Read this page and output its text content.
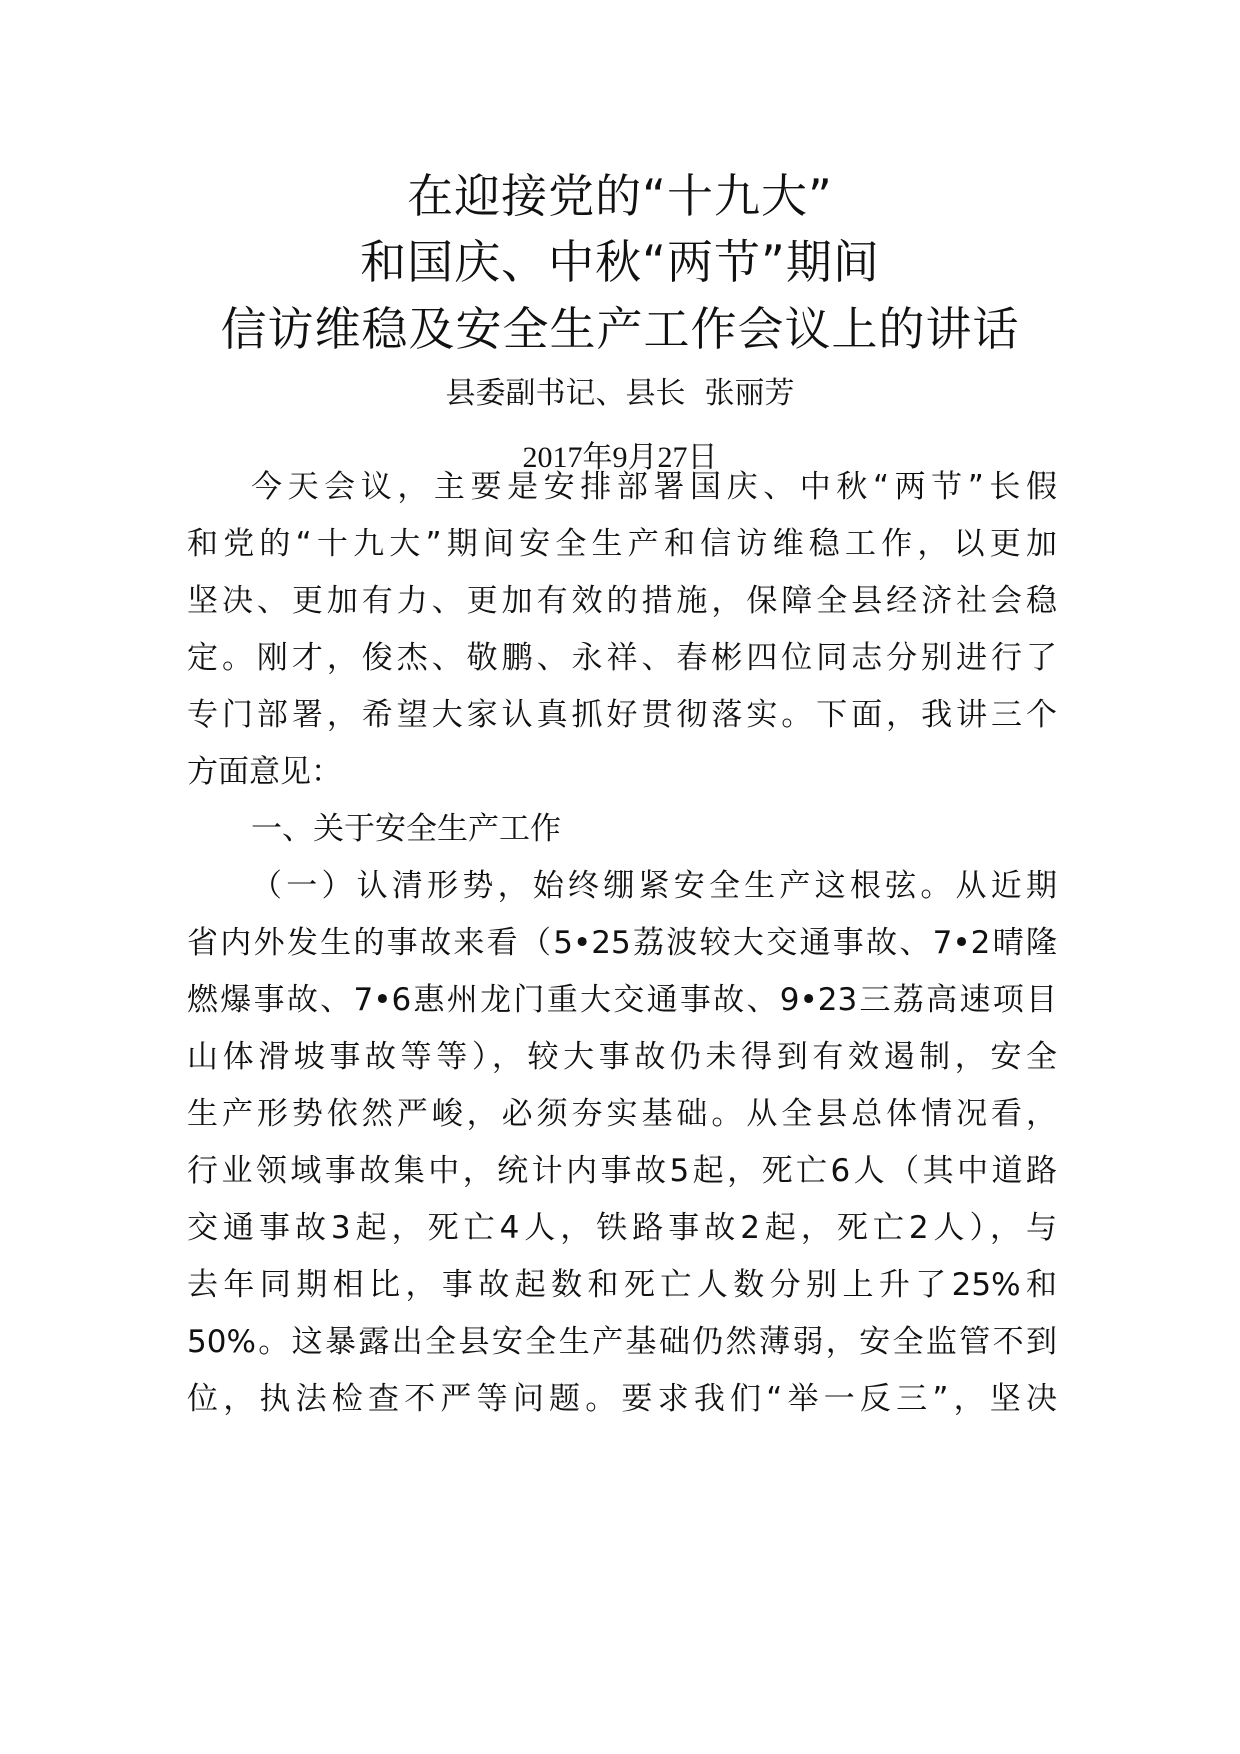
在迎接党的“十九大”
和国庆、中秋“两节”期间
信访维稳及安全生产工作会议上的讲话
县委副书记、县长  张丽芳
2017年9月27日
今天会议，主要是安排部署国庆、中秋“两节”长假
和党的“十九大”期间安全生产和信访维稳工作，以更加
坚决、更加有力、更加有效的措施，保障全县经济社会稳
定。刚才，俊杰、敬鹏、永祥、春彬四位同志分别进行了
专门部署，希望大家认真抓好贯彻落实。下面，我讲三个
方面意见：
一、关于安全生产工作
（一）认清形势，始终绷紧安全生产这根弦。从近期
省内外发生的事故来看（5•25荔波较大交通事故、7•2晴隆
燃爆事故、7•6惠州龙门重大交通事故、9•23三荔高速项目
山体滑坡事故等等），较大事故仍未得到有效遏制，安全
生产形势依然严峻，必须夯实基础。从全县总体情况看，
行业领域事故集中，统计内事故5起，死亡6人（其中道路
交通事故3起，死亡4人，铁路事故2起，死亡2人），与
去年同期相比，事故起数和死亡人数分别上升了25%和
50%。这暴露出全县安全生产基础仍然薄弱，安全监管不到
位，执法检查不严等问题。要求我们“举一反三”，坚决
